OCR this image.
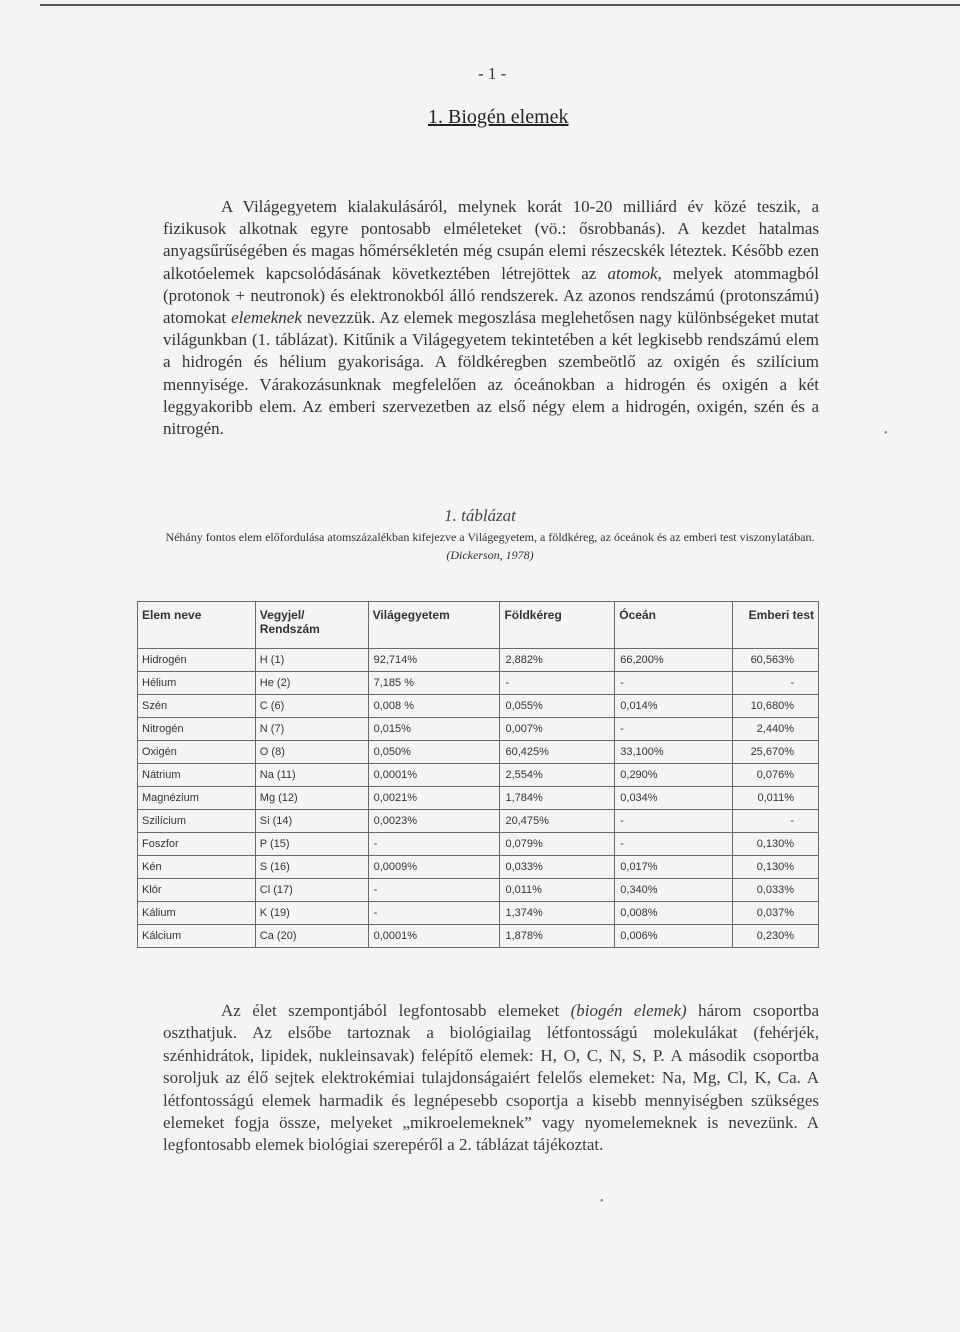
- 1 -
1. Biogén elemek
A Világegyetem kialakulásáról, melynek korát 10-20 milliárd év közé teszik, a fizikusok alkotnak egyre pontosabb elméleteket (vö.: ősrobbanás). A kezdet hatalmas anyagsűrűségében és magas hőmérsékletén még csupán elemi részecskék léteztek. Később ezen alkotóelemek kapcsolódásának következtében létrejöttek az atomok, melyek atommagból (protonok + neutronok) és elektronokból álló rendszerek. Az azonos rendszámú (protonszámú) atomokat elemeknek nevezzük. Az elemek megoszlása meglehetősen nagy különbségeket mutat világunkban (1. táblázat). Kitűnik a Világegyetem tekintetében a két legkisebb rendszámú elem a hidrogén és hélium gyakorisága. A földkéregben szembeötlő az oxigén és szilícium mennyisége. Várakozásunknak megfelelően az óceánokban a hidrogén és oxigén a két leggyakoribb elem. Az emberi szervezetben az első négy elem a hidrogén, oxigén, szén és a nitrogén.
1. táblázat
Néhány fontos elem előfordulása atomszázalékban kifejezve a Világegyetem, a földkéreg, az óceánok és az emberi test viszonylatában. (Dickerson, 1978)
Elem neve	Vegyjel/ Rendszám	Világegyetem	Földkéreg	Óceán	Emberi test
Hidrogén	H (1)	92,714%	2,882%	66,200%	60,563%
Hélium	He (2)	7,185 %	-	-	-
Szén	C (6)	0,008 %	0,055%	0,014%	10,680%
Nitrogén	N (7)	0,015%	0,007%	-	2,440%
Oxigén	O (8)	0,050%	60,425%	33,100%	25,670%
Nátrium	Na (11)	0,0001%	2,554%	0,290%	0,076%
Magnézium	Mg (12)	0,0021%	1,784%	0,034%	0,011%
Szilícium	Si (14)	0,0023%	20,475%	-	-
Foszfor	P (15)	-	0,079%	-	0,130%
Kén	S (16)	0,0009%	0,033%	0,017%	0,130%
Klór	Cl (17)	-	0,011%	0,340%	0,033%
Kálium	K (19)	-	1,374%	0,008%	0,037%
Kálcium	Ca (20)	0,0001%	1,878%	0,006%	0,230%
Az élet szempontjából legfontosabb elemeket (biogén elemek) három csoportba oszthatjuk. Az elsőbe tartoznak a biológiailag létfontosságú molekulákat (fehérjék, szénhidrátok, lipidek, nukleinsavak) felépítő elemek: H, O, C, N, S, P. A második csoportba soroljuk az élő sejtek elektrokémiai tulajdonságaiért felelős elemeket: Na, Mg, Cl, K, Ca. A létfontosságú elemek harmadik és legnépesebb csoportja a kisebb mennyiségben szükséges elemeket fogja össze, melyeket „mikroelemeknek” vagy nyomelemeknek is nevezünk. A legfontosabb elemek biológiai szerepéről a 2. táblázat tájékoztat.
•
•
